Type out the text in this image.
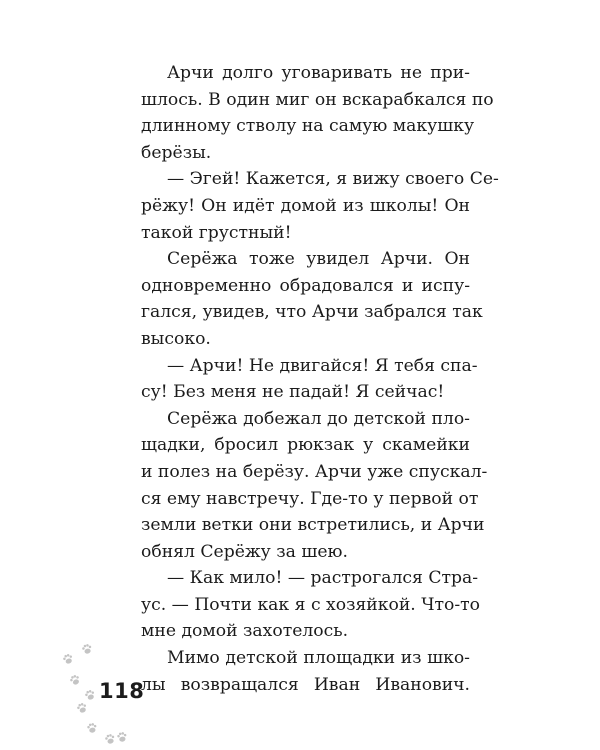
Арчи долго уговаривать не при-
шлось. В один миг он вскарабкался по
длинному стволу на самую макушку
берёзы.
— Эгей! Кажется, я вижу своего Се-
рёжу! Он идёт домой из школы! Он
такой грустный!
Серёжа тоже увидел Арчи. Он
одновременно обрадовался и испу-
гался, увидев, что Арчи забрался так
высоко.
— Арчи! Не двигайся! Я тебя спа-
су! Без меня не падай! Я сейчас!
Серёжа добежал до детской пло-
щадки, бросил рюкзак у скамейки
и полез на берёзу. Арчи уже спускал-
ся ему навстречу. Где-то у первой от
земли ветки они встретились, и Арчи
обнял Серёжу за шею.
— Как мило! — растрогался Стра-
ус. — Почти как я с хозяйкой. Что-то
мне домой захотелось.
Мимо детской площадки из шко-
лы возвращался Иван Иванович.
118
